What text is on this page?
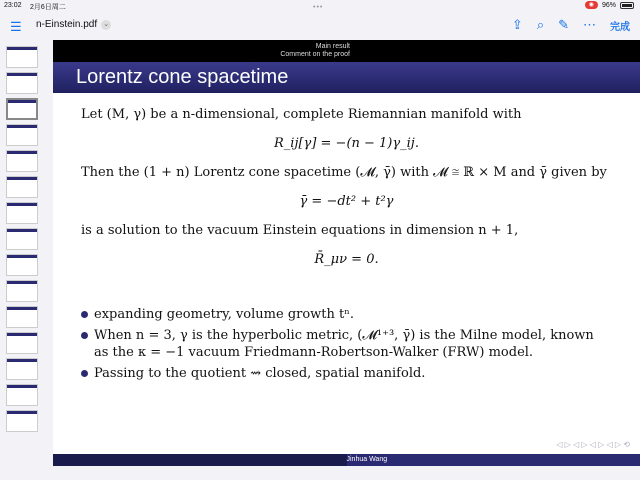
23:02 2月6日周二	•••	◉	96%
☰ n-Einstein.pdf ⌄	⇪ ⌕ ✎ ⋯ 完成
Main result
Comment on the proof
Lorentz cone spacetime

Let (M, γ) be a n-dimensional, complete Riemannian manifold with

R_ij[γ] = −(n − 1)γ_ij.

Then the (1 + n) Lorentz cone spacetime (𝓜, γ̄) with 𝓜 ≅ ℝ × M and γ̄ given by

γ̄ = −dt² + t²γ

is a solution to the vacuum Einstein equations in dimension n + 1,

R̄_μν = 0.
expanding geometry, volume growth tⁿ.
When n = 3, γ is the hyperbolic metric, (𝓜¹⁺³, γ̄) is the Milne model, known as the κ = −1 vacuum Friedmann-Robertson-Walker (FRW) model.
Passing to the quotient ⇝ closed, spatial manifold.
◁ ▷ ◁ ▷ ◁ ▷ ◁ ▷ ⟲
Jinhua Wang
